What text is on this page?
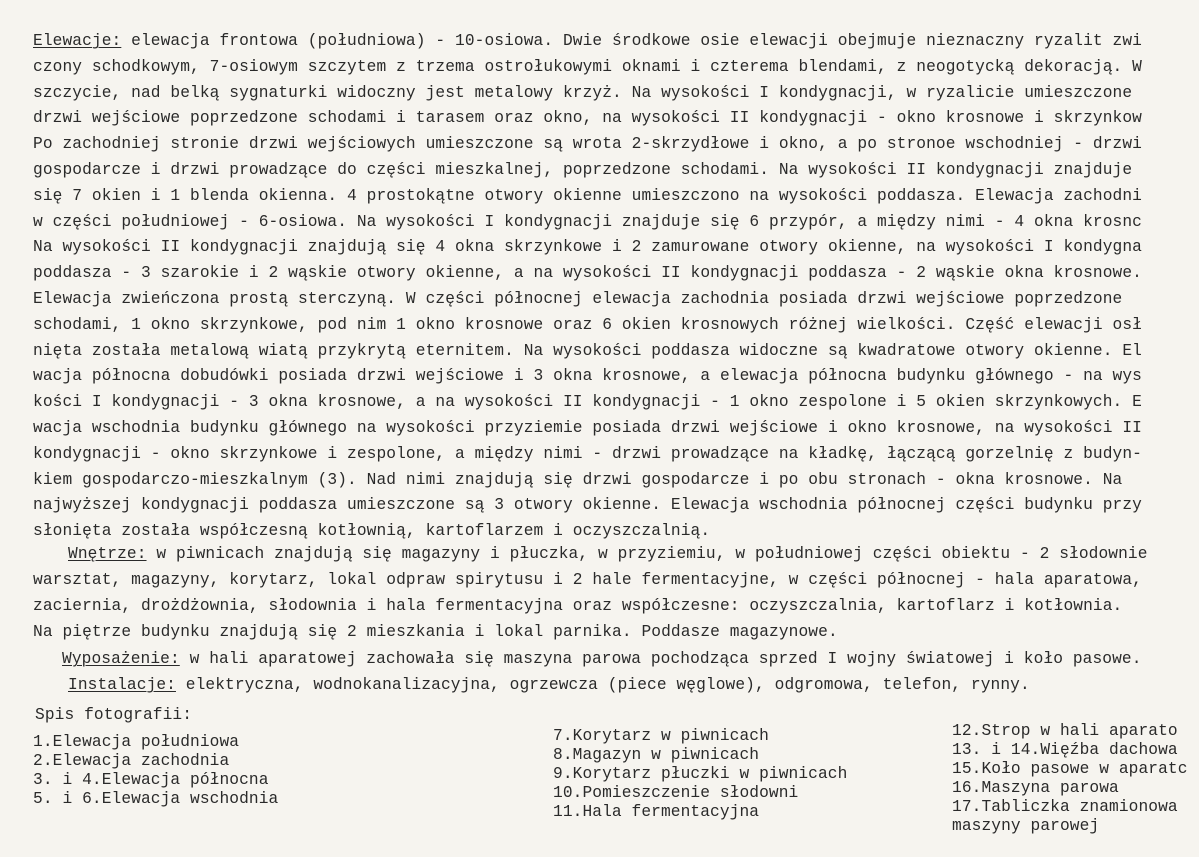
Elewacje: elewacja frontowa (południowa) - 10-osiowa. Dwie środkowe osie elewacji obejmuje nieznaczny ryzalit zwi
czony schodkowym, 7-osiowym szczytem z trzema ostrołukowymi oknami i czterema blendami, z neogotycką dekoracją. W
szczycie, nad belką sygnaturki widoczny jest metalowy krzyż. Na wysokości I kondygnacji, w ryzalicie umieszczone
drzwi wejściowe poprzedzone schodami i tarasem oraz okno, na wysokości II kondygnacji - okno krosnowe i skrzynkow
Po zachodniej stronie drzwi wejściowych umieszczone są wrota 2-skrzydłowe i okno, a po stronoe wschodniej - drzwi
gospodarcze i drzwi prowadzące do części mieszkalnej, poprzedzone schodami. Na wysokości II kondygnacji znajduje
się 7 okien i 1 blenda okienna. 4 prostokątne otwory okienne umieszczono na wysokości poddasza. Elewacja zachodni
w części południowej - 6-osiowa. Na wysokości I kondygnacji znajduje się 6 przypór, a między nimi - 4 okna krosnc
Na wysokości II kondygnacji znajdują się 4 okna skrzynkowe i 2 zamurowane otwory okienne, na wysokości I kondygna
poddasza - 3 szarokie i 2 wąskie otwory okienne, a na wysokości II kondygnacji poddasza - 2 wąskie okna krosnowe.
Elewacja zwieńczona prostą sterczyną. W części północnej elewacja zachodnia posiada drzwi wejściowe poprzedzone
schodami, 1 okno skrzynkowe, pod nim 1 okno krosnowe oraz 6 okien krosnowych różnej wielkości. Część elewacji osł
nięta została metalową wiatą przykrytą eternitem. Na wysokości poddasza widoczne są kwadratowe otwory okienne. El
wacja północna dobudówki posiada drzwi wejściowe i 3 okna krosnowe, a elewacja północna budynku głównego - na wys
kości I kondygnacji - 3 okna krosnowe, a na wysokości II kondygnacji - 1 okno zespolone i 5 okien skrzynkowych. E
wacja wschodnia budynku głównego na wysokości przyziemie posiada drzwi wejściowe i okno krosnowe, na wysokości II
kondygnacji - okno skrzynkowe i zespolone, a między nimi - drzwi prowadzące na kładkę, łączącą gorzelnię z budyn-
kiem gospodarczo-mieszkalnym (3). Nad nimi znajdują się drzwi gospodarcze i po obu stronach - okna krosnowe. Na
najwyższej kondygnacji poddasza umieszczone są 3 otwory okienne. Elewacja wschodnia północnej części budynku przy
słonięta została współczesną kotłownią, kartoflarzem i oczyszczalnią.
Wnętrze: w piwnicach znajdują się magazyny i płuczka, w przyziemiu, w południowej części obiektu - 2 słodownie
warsztat, magazyny, korytarz, lokal odpraw spirytusu i 2 hale fermentacyjne, w części północnej - hala aparatowa,
zacierniа, drożdżownia, słodownia i hala fermentacyjna oraz współczesne: oczyszczalnia, kartoflarz i kotłownia.
Na piętrze budynku znajdują się 2 mieszkania i lokal parnika. Poddasze magazynowe.
Wyposażenie: w hali aparatowej zachowała się maszyna parowa pochodząca sprzed I wojny światowej i koło pasowe.
Instalacje: elektryczna, wodnokanalizacyjna, ogrzewcza (piece węglowe), odgromowa, telefon, rynny.
Spis fotografii:
1.Elewacja południowa
2.Elewacja zachodnia
3. i 4.Elewacja północna
5. i 6.Elewacja wschodnia
7.Korytarz w piwnicach
8.Magazyn w piwnicach
9.Korytarz płuczki w piwnicach
10.Pomieszczenie słodowni
11.Hala fermentacyjna
12.Strop w hali aparato
13. i 14.Więźba dachowa
15.Koło pasowe w aparatc
16.Maszyna parowa
17.Tabliczka znamionowa
maszyny parowej
